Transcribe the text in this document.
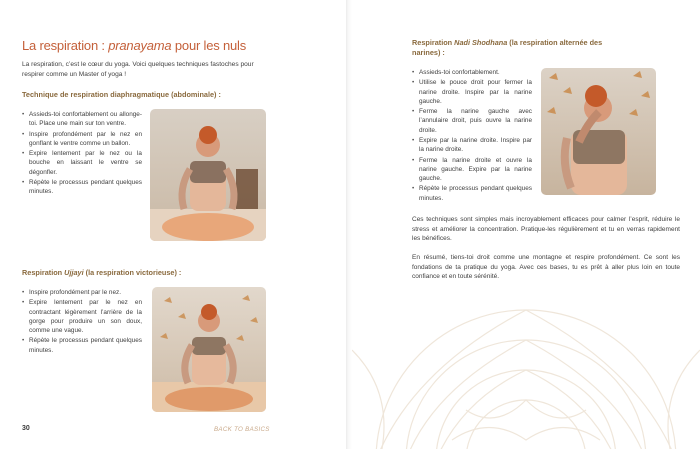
La respiration : pranayama pour les nuls
La respiration, c’est le cœur du yoga. Voici quelques techniques fastoches pour respirer comme un Master of yoga !
Technique de respiration diaphragmatique (abdominale) :
• Assieds-toi confortablement ou allonge-toi. Place une main sur ton ventre.
• Inspire profondément par le nez en gonflant le ventre comme un ballon.
• Expire lentement par le nez ou la bouche en laissant le ventre se dégonfler.
• Répète le processus pendant quelques minutes.
Respiration Ujjayi (la respiration victorieuse) :
• Inspire profondément par le nez.
• Expire lentement par le nez en contractant légèrement l’arrière de la gorge pour produire un son doux, comme une vague.
• Répète le processus pendant quelques minutes.
30	BACK TO BASICS
Respiration Nadi Shodhana (la respiration alternée des narines) :
• Assieds-toi confortablement.
• Utilise le pouce droit pour fermer la narine droite. Inspire par la narine gauche.
• Ferme la narine gauche avec l’annulaire droit, puis ouvre la narine droite.
• Expire par la narine droite. Inspire par la narine droite.
• Ferme la narine droite et ouvre la narine gauche. Expire par la narine gauche.
• Répète le processus pendant quelques minutes.
Ces techniques sont simples mais incroyablement efficaces pour calmer l’esprit, réduire le stress et améliorer la concentration. Pratique-les régulièrement et tu en verras rapidement les bénéfices.
En résumé, tiens-toi droit comme une montagne et respire profondément. Ce sont les fondations de ta pratique du yoga. Avec ces bases, tu es prêt à aller plus loin en toute confiance et en toute sérénité.
